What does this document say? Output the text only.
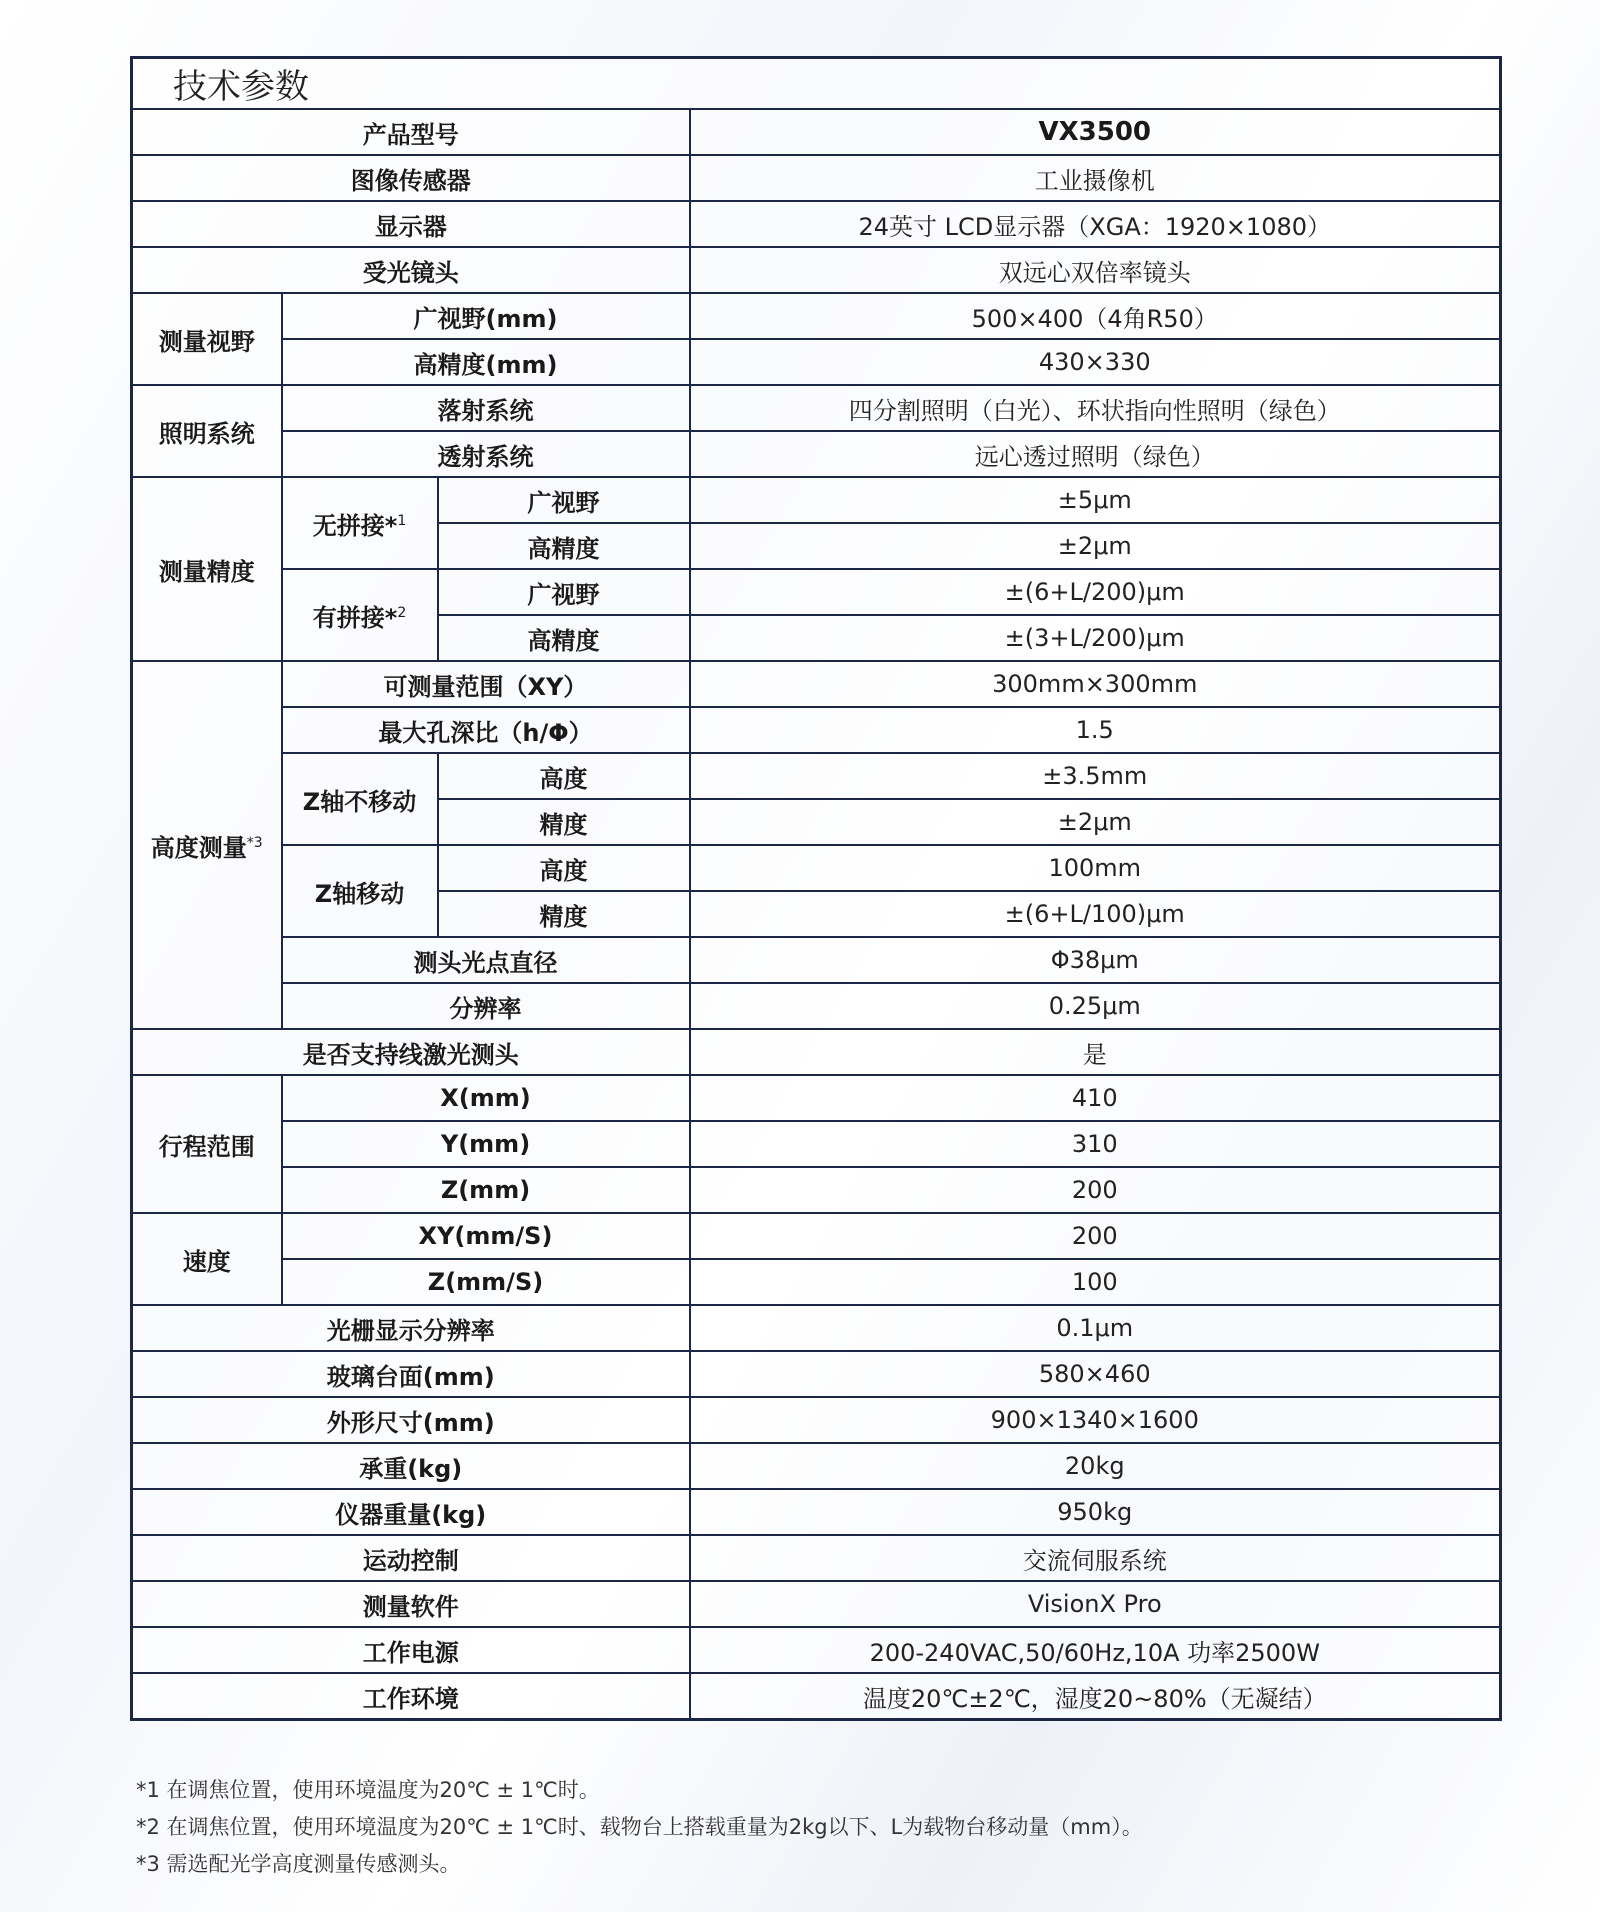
技术参数			
产品型号			VX3500
图像传感器			工业摄像机
显示器			24英寸 LCD显示器（XGA：1920×1080）
受光镜头			双远心双倍率镜头
测量视野	广视野(mm)		500×400（4角R50）
	高精度(mm)		430×330
照明系统	落射系统		四分割照明（白光）、环状指向性照明（绿色）
	透射系统		远心透过照明（绿色）
测量精度	无拼接*$^1$	广视野	±5μm
		高精度	±2μm
	有拼接*$^2$	广视野	±(6+L/200)μm
		高精度	±(3+L/200)μm
高度测量$^{*3}$	可测量范围（XY）		300mm×300mm
	最大孔深比（h/Φ）		1.5
	Z轴不移动	高度	±3.5mm
		精度	±2μm
	Z轴移动	高度	100mm
		精度	±(6+L/100)μm
	测头光点直径		Φ38μm
	分辨率		0.25μm
是否支持线激光测头			是
行程范围	X(mm)		410
	Y(mm)		310
	Z(mm)		200
速度	XY(mm/S)		200
	Z(mm/S)		100
光栅显示分辨率			0.1μm
玻璃台面(mm)			580×460
外形尺寸(mm)			900×1340×1600
承重(kg)			20kg
仪器重量(kg)			950kg
运动控制			交流伺服系统
测量软件			VisionX Pro
工作电源			200-240VAC,50/60Hz,10A 功率2500W
工作环境			温度20℃±2℃，湿度20~80%（无凝结）
*1 在调焦位置，使用环境温度为20℃ ± 1℃时。
*2 在调焦位置，使用环境温度为20℃ ± 1℃时、载物台上搭载重量为2kg以下、L为载物台移动量（mm）。
*3 需选配光学高度测量传感测头。
